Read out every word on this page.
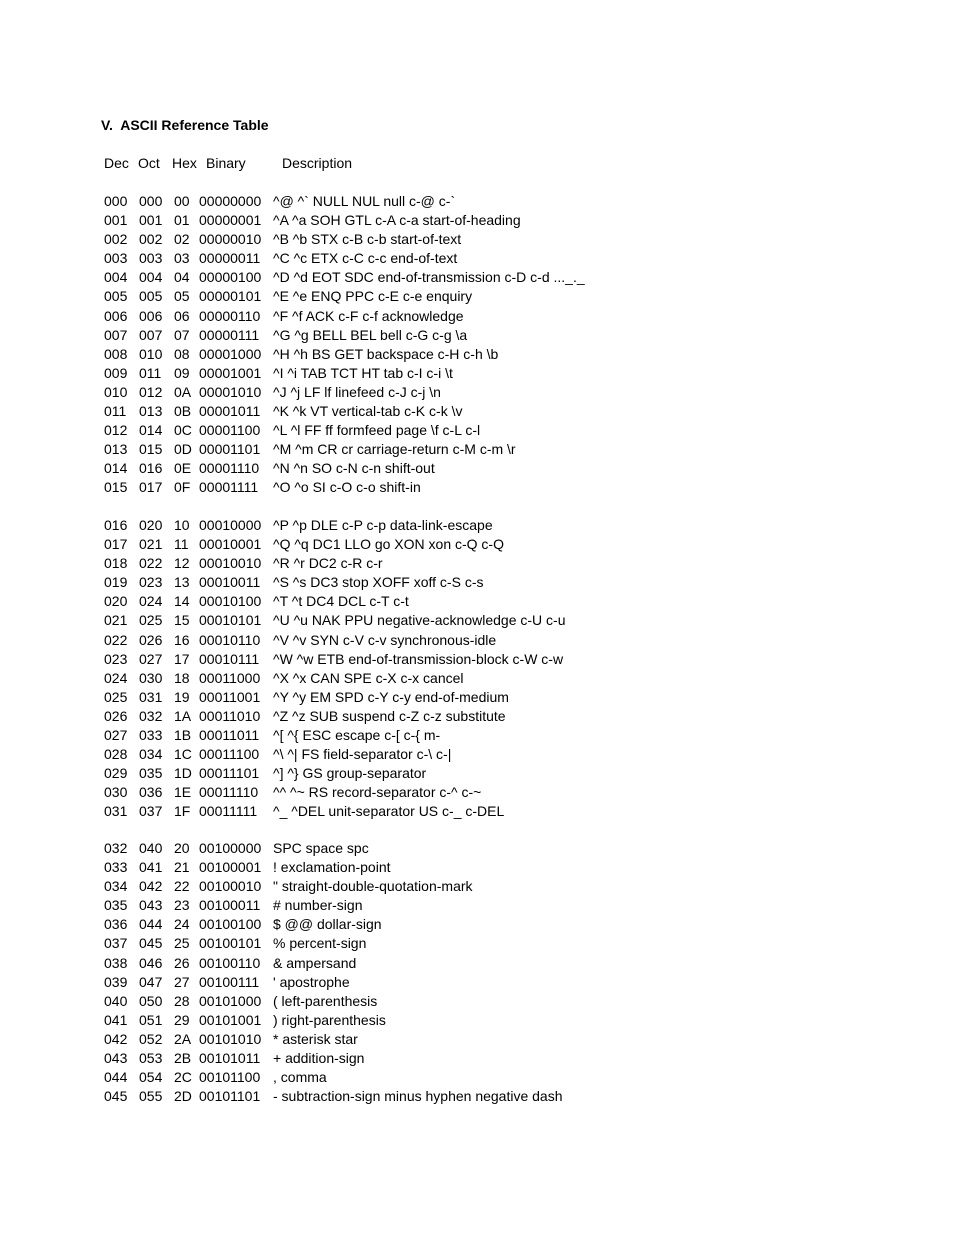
V.  ASCII Reference Table
Dec Oct Hex Binary	Description
000 000 00 00000000 ^@ ^` NULL NUL null c-@ c-`
001 001 01 00000001 ^A ^a SOH GTL c-A c-a start-of-heading
002 002 02 00000010 ^B ^b STX c-B c-b start-of-text
003 003 03 00000011 ^C ^c ETX c-C c-c end-of-text
004 004 04 00000100 ^D ^d EOT SDC end-of-transmission c-D c-d ..._._
005 005 05 00000101 ^E ^e ENQ PPC c-E c-e enquiry
006 006 06 00000110 ^F ^f ACK c-F c-f acknowledge
007 007 07 00000111 ^G ^g BELL BEL bell c-G c-g \a
008 010 08 00001000 ^H ^h BS GET backspace c-H c-h \b
009 011 09 00001001 ^I ^i TAB TCT HT tab c-I c-i \t
010 012 0A 00001010 ^J ^j LF lf linefeed c-J c-j \n
011 013 0B 00001011 ^K ^k VT vertical-tab c-K c-k \v
012 014 0C 00001100 ^L ^l FF ff formfeed page \f c-L c-l
013 015 0D 00001101 ^M ^m CR cr carriage-return c-M c-m \r
014 016 0E 00001110 ^N ^n SO c-N c-n shift-out
015 017 0F 00001111 ^O ^o SI c-O c-o shift-in
016 020 10 00010000 ^P ^p DLE c-P c-p data-link-escape
017 021 11 00010001 ^Q ^q DC1 LLO go XON xon c-Q c-Q
018 022 12 00010010 ^R ^r DC2 c-R c-r
019 023 13 00010011 ^S ^s DC3 stop XOFF xoff c-S c-s
020 024 14 00010100 ^T ^t DC4 DCL c-T c-t
021 025 15 00010101 ^U ^u NAK PPU negative-acknowledge c-U c-u
022 026 16 00010110 ^V ^v SYN c-V c-v synchronous-idle
023 027 17 00010111 ^W ^w ETB end-of-transmission-block c-W c-w
024 030 18 00011000 ^X ^x CAN SPE c-X c-x cancel
025 031 19 00011001 ^Y ^y EM SPD c-Y c-y end-of-medium
026 032 1A 00011010 ^Z ^z SUB suspend c-Z c-z substitute
027 033 1B 00011011 ^[ ^{ ESC escape c-[ c-{ m-
028 034 1C 00011100 ^\ ^| FS field-separator c-\ c-|
029 035 1D 00011101 ^] ^} GS group-separator
030 036 1E 00011110 ^^ ^~ RS record-separator c-^ c-~
031 037 1F 00011111 ^_ ^DEL unit-separator US c-_ c-DEL
032 040 20 00100000 SPC space spc
033 041 21 00100001 ! exclamation-point
034 042 22 00100010 " straight-double-quotation-mark
035 043 23 00100011 # number-sign
036 044 24 00100100 $ @@ dollar-sign
037 045 25 00100101 % percent-sign
038 046 26 00100110 & ampersand
039 047 27 00100111 ' apostrophe
040 050 28 00101000 ( left-parenthesis
041 051 29 00101001 ) right-parenthesis
042 052 2A 00101010 * asterisk star
043 053 2B 00101011 + addition-sign
044 054 2C 00101100 , comma
045 055 2D 00101101 - subtraction-sign minus hyphen negative dash
